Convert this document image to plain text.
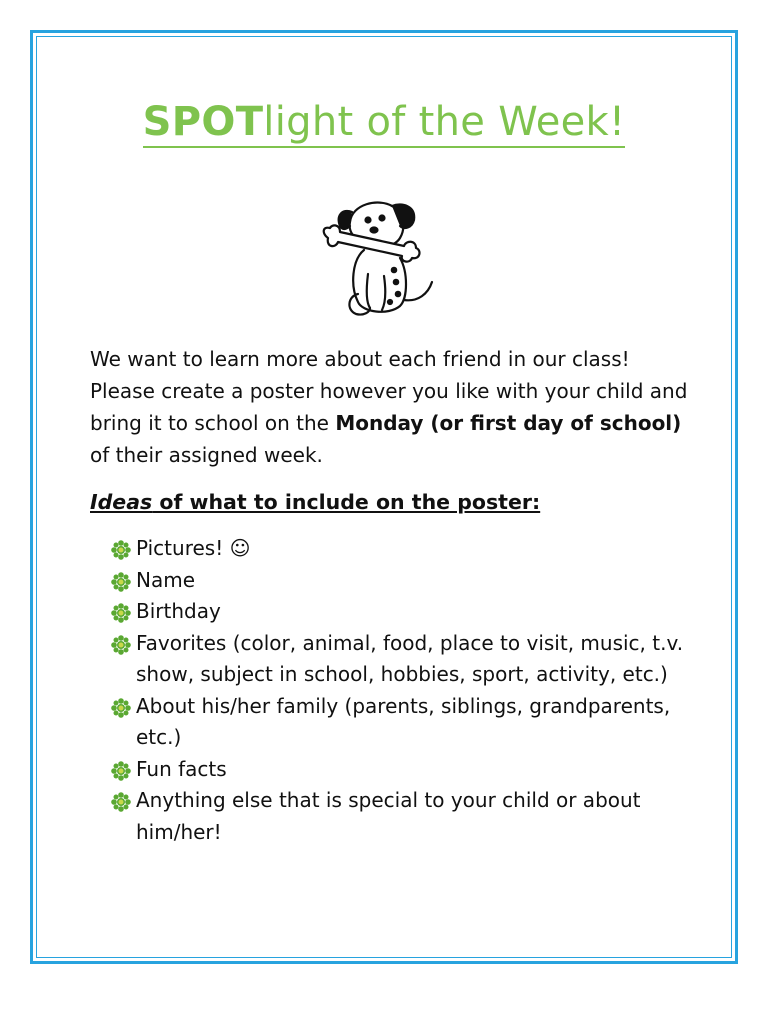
SPOTlight of the Week!
We want to learn more about each friend in our class! Please create a poster however you like with your child and bring it to school on the Monday (or first day of school) of their assigned week.
Ideas of what to include on the poster:
Pictures! ☺
Name
Birthday
Favorites (color, animal, food, place to visit, music, t.v. show, subject in school, hobbies, sport, activity, etc.)
About his/her family (parents, siblings, grandparents, etc.)
Fun facts
Anything else that is special to your child or about him/her!
